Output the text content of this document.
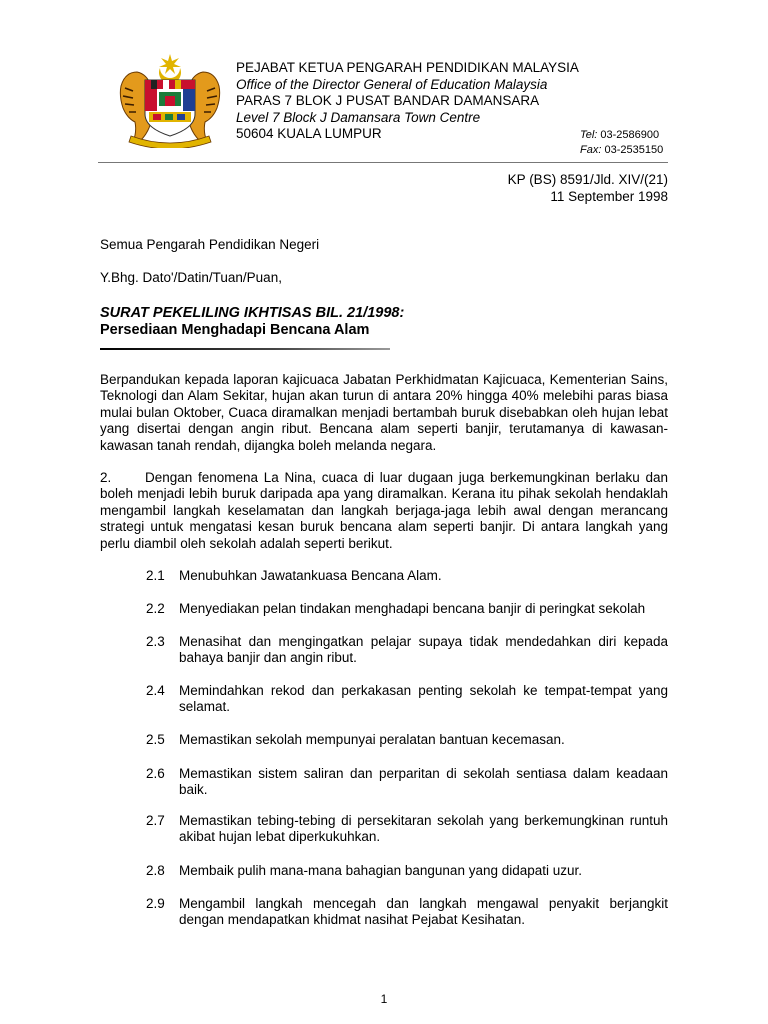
PEJABAT KETUA PENGARAH PENDIDIKAN MALAYSIA
Office of the Director General of Education Malaysia
PARAS 7 BLOK J PUSAT BANDAR DAMANSARA
Level 7 Block J Damansara Town Centre
50604 KUALA LUMPUR	Tel: 03-2586900
Fax: 03-2535150
KP (BS) 8591/Jld. XIV/(21)
11 September 1998
Semua Pengarah Pendidikan Negeri
Y.Bhg. Dato'/Datin/Tuan/Puan,
SURAT PEKELILING IKHTISAS BIL. 21/1998:
Persediaan Menghadapi Bencana Alam
Berpandukan kepada laporan kajicuaca Jabatan Perkhidmatan Kajicuaca, Kementerian Sains, Teknologi dan Alam Sekitar, hujan akan turun di antara 20% hingga 40% melebihi paras biasa mulai bulan Oktober, Cuaca diramalkan menjadi bertambah buruk disebabkan oleh hujan lebat yang disertai dengan angin ribut. Bencana alam seperti banjir, terutamanya di kawasan-kawasan tanah rendah, dijangka boleh melanda negara.
2. Dengan fenomena La Nina, cuaca di luar dugaan juga berkemungkinan berlaku dan boleh menjadi lebih buruk daripada apa yang diramalkan. Kerana itu pihak sekolah hendaklah mengambil langkah keselamatan dan langkah berjaga-jaga lebih awal dengan merancang strategi untuk mengatasi kesan buruk bencana alam seperti banjir. Di antara langkah yang perlu diambil oleh sekolah adalah seperti berikut.
2.1	Menubuhkan Jawatankuasa Bencana Alam.
2.2	Menyediakan pelan tindakan menghadapi bencana banjir di peringkat sekolah
2.3	Menasihat dan mengingatkan pelajar supaya tidak mendedahkan diri kepada bahaya banjir dan angin ribut.
2.4	Memindahkan rekod dan perkakasan penting sekolah ke tempat-tempat yang selamat.
2.5	Memastikan sekolah mempunyai peralatan bantuan kecemasan.
2.6	Memastikan sistem saliran dan perparitan di sekolah sentiasa dalam keadaan baik.
2.7	Memastikan tebing-tebing di persekitaran sekolah yang berkemungkinan runtuh akibat hujan lebat diperkukuhkan.
2.8	Membaik pulih mana-mana bahagian bangunan yang didapati uzur.
2.9	Mengambil langkah mencegah dan langkah mengawal penyakit berjangkit dengan mendapatkan khidmat nasihat Pejabat Kesihatan.
1
